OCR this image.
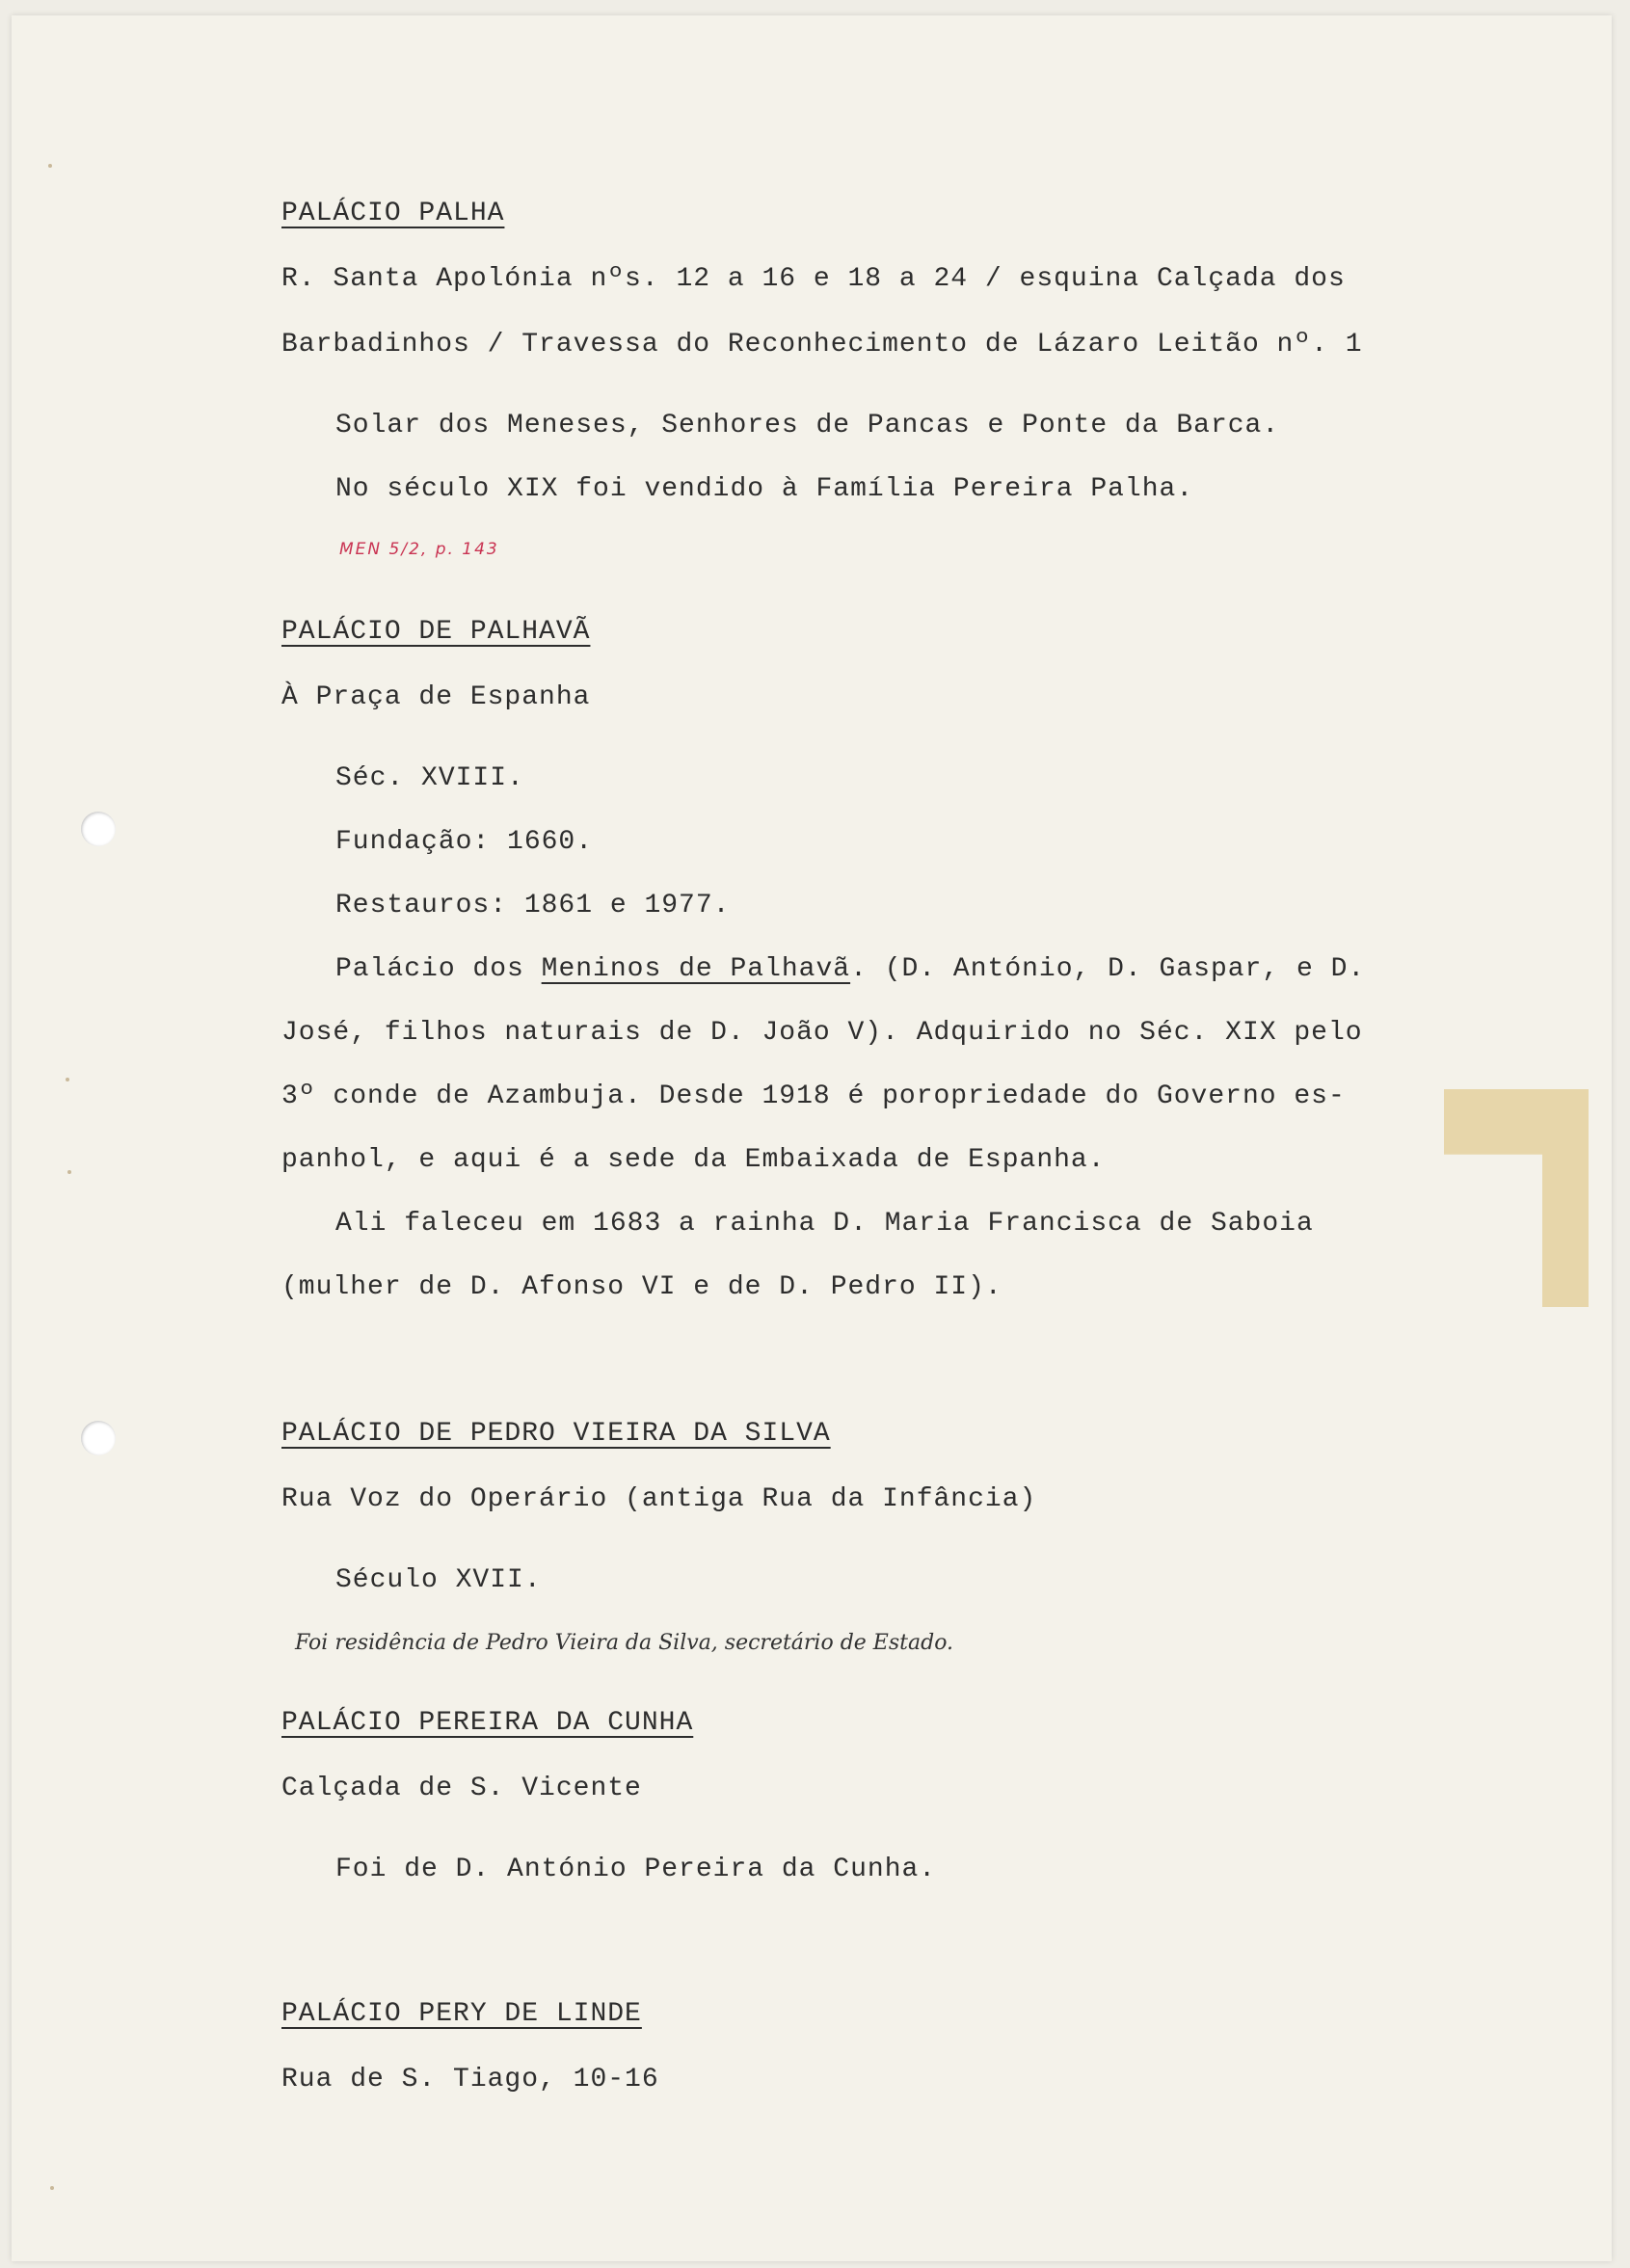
PALÁCIO PALHA
R. Santa Apolónia nºs. 12 a 16 e 18 a 24 / esquina Calçada dos
Barbadinhos / Travessa do Reconhecimento de Lázaro Leitão nº. 1
Solar dos Meneses, Senhores de Pancas e Ponte da Barca.
No século XIX foi vendido à Família Pereira Palha.
MEN 5/2, p. 143
PALÁCIO DE PALHAVÃ
À Praça de Espanha
Séc. XVIII.
Fundação: 1660.
Restauros: 1861 e 1977.
Palácio dos Meninos de Palhavã. (D. António, D. Gaspar, e D.
José, filhos naturais de D. João V). Adquirido no Séc. XIX pelo
3º conde de Azambuja. Desde 1918 é poropriedade do Governo es-
panhol, e aqui é a sede da Embaixada de Espanha.
Ali faleceu em 1683 a rainha D. Maria Francisca de Saboia
(mulher de D. Afonso VI e de D. Pedro II).
PALÁCIO DE PEDRO VIEIRA DA SILVA
Rua Voz do Operário (antiga Rua da Infância)
Século XVII.
Foi residência de Pedro Vieira da Silva, secretário de Estado.
PALÁCIO PEREIRA DA CUNHA
Calçada de S. Vicente
Foi de D. António Pereira da Cunha.
PALÁCIO PERY DE LINDE
Rua de S. Tiago, 10-16
